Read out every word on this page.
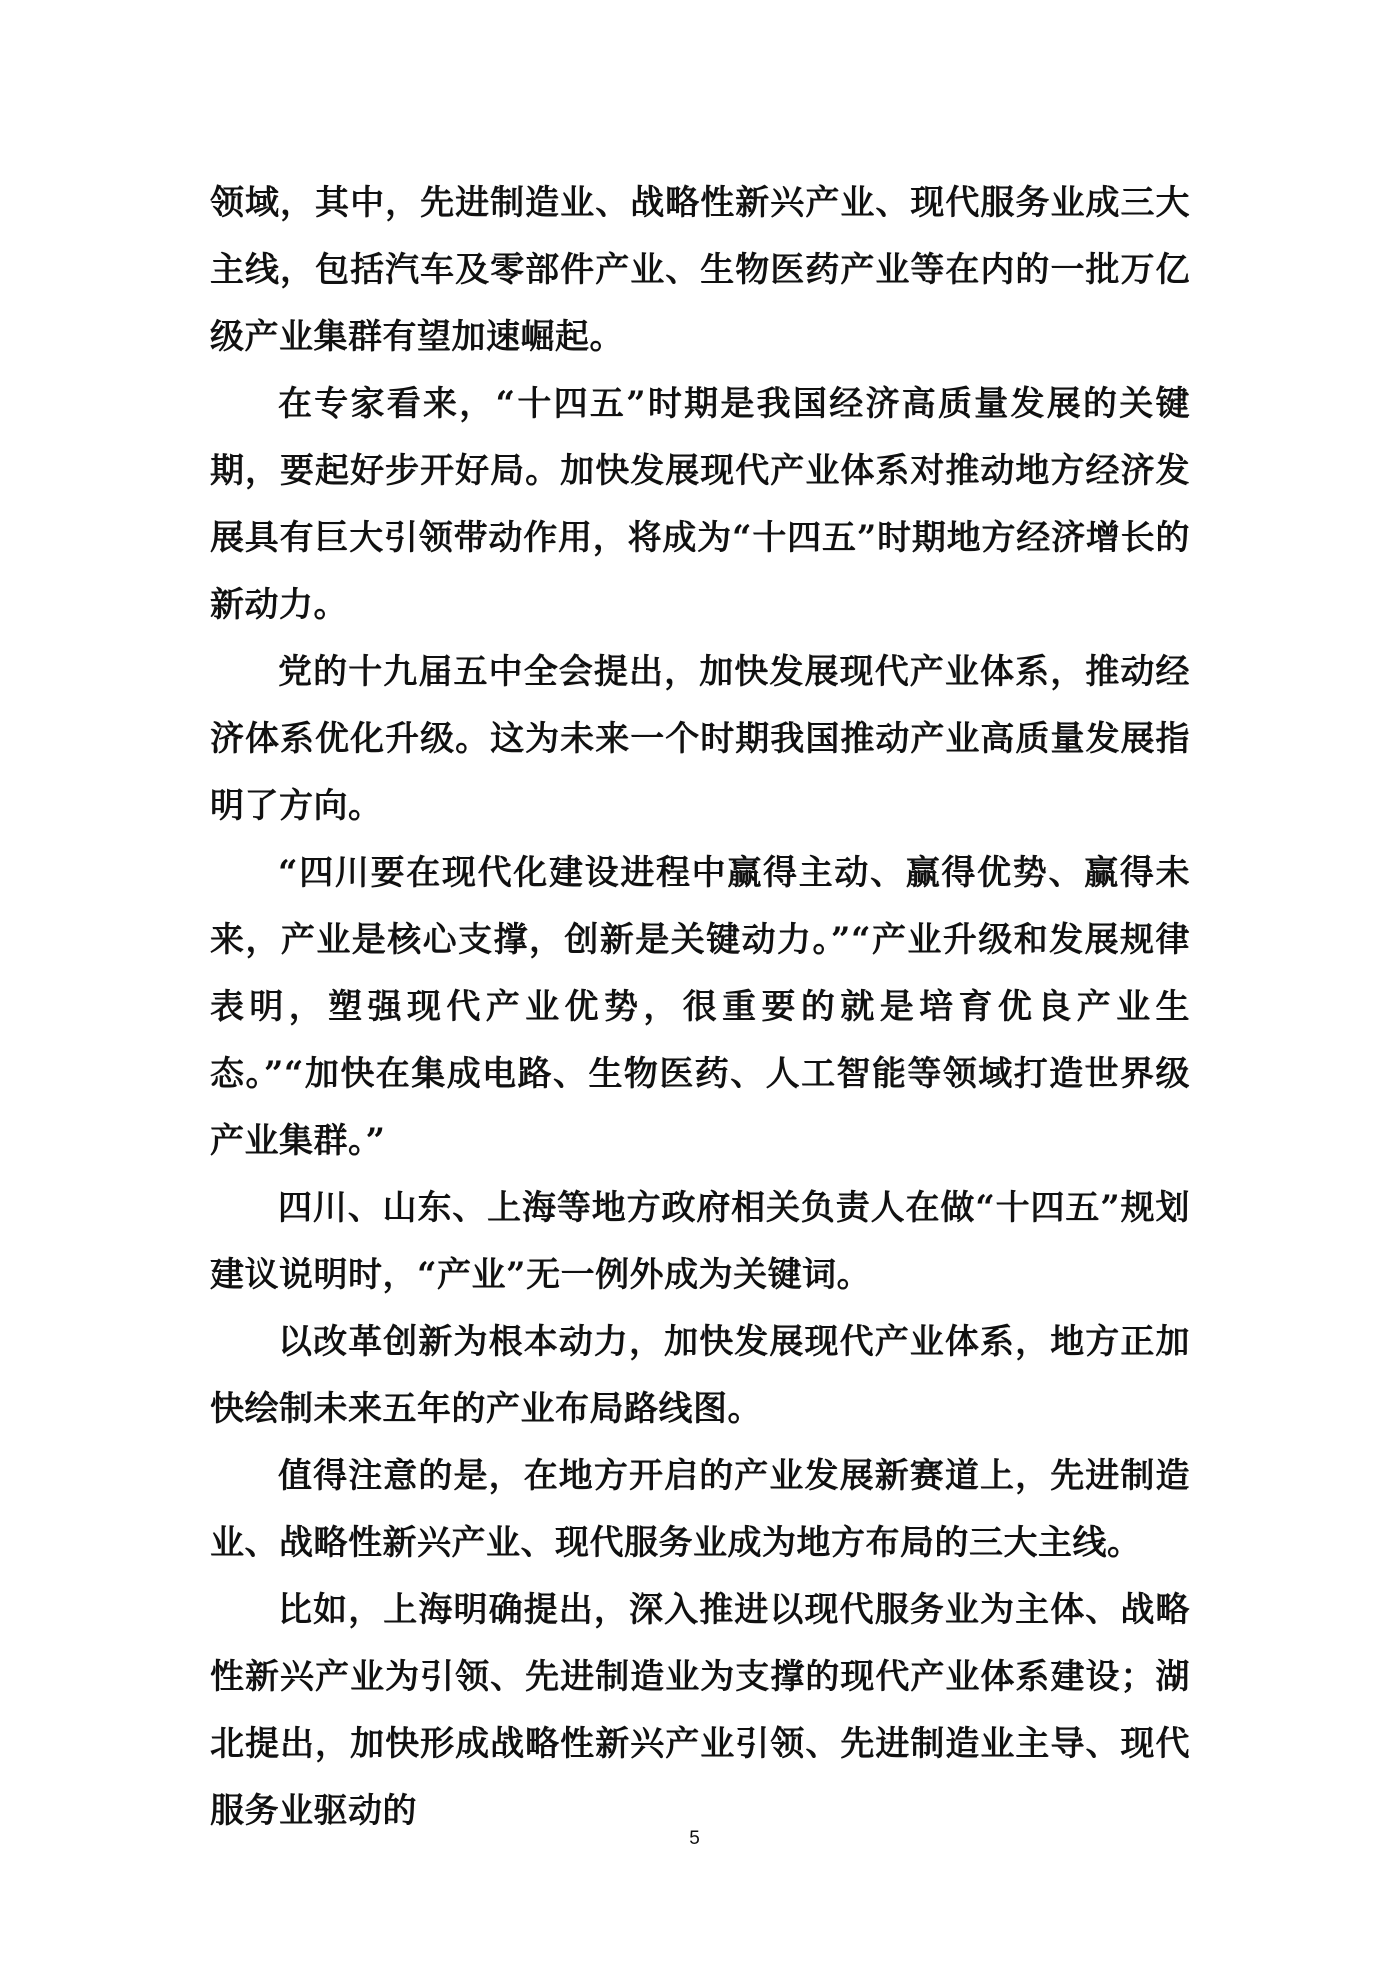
领域，其中，先进制造业、战略性新兴产业、现代服务业成三大主线，包括汽车及零部件产业、生物医药产业等在内的一批万亿级产业集群有望加速崛起。

在专家看来，“十四五”时期是我国经济高质量发展的关键期，要起好步开好局。加快发展现代产业体系对推动地方经济发展具有巨大引领带动作用，将成为“十四五”时期地方经济增长的新动力。

党的十九届五中全会提出，加快发展现代产业体系，推动经济体系优化升级。这为未来一个时期我国推动产业高质量发展指明了方向。

“四川要在现代化建设进程中赢得主动、赢得优势、赢得未来，产业是核心支撑，创新是关键动力。”“产业升级和发展规律表明，塑强现代产业优势，很重要的就是培育优良产业生态。”“加快在集成电路、生物医药、人工智能等领域打造世界级产业集群。”

四川、山东、上海等地方政府相关负责人在做“十四五”规划建议说明时，“产业”无一例外成为关键词。

以改革创新为根本动力，加快发展现代产业体系，地方正加快绘制未来五年的产业布局路线图。

值得注意的是，在地方开启的产业发展新赛道上，先进制造业、战略性新兴产业、现代服务业成为地方布局的三大主线。

比如，上海明确提出，深入推进以现代服务业为主体、战略性新兴产业为引领、先进制造业为支撑的现代产业体系建设；湖北提出，加快形成战略性新兴产业引领、先进制造业主导、现代服务业驱动的

5
